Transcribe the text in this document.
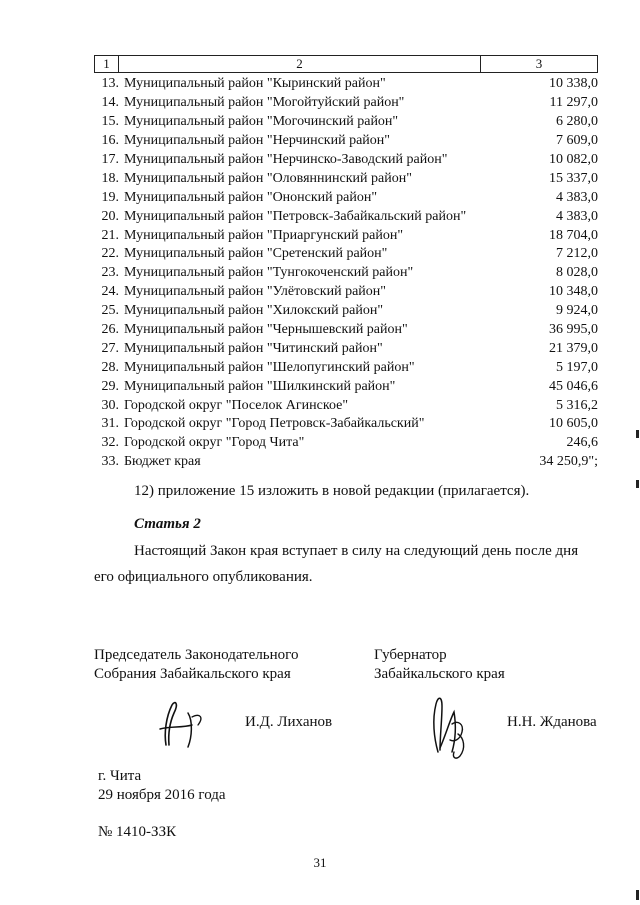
1	2	3
13. Муниципальный район "Кыринский район"	10 338,0
14. Муниципальный район "Могойтуйский район"	11 297,0
15. Муниципальный район "Могочинский район"	6 280,0
16. Муниципальный район "Нерчинский район"	7 609,0
17. Муниципальный район "Нерчинско-Заводский район"	10 082,0
18. Муниципальный район "Оловяннинский район"	15 337,0
19. Муниципальный район "Ононский район"	4 383,0
20. Муниципальный район "Петровск-Забайкальский район"	4 383,0
21. Муниципальный район "Приаргунский район"	18 704,0
22. Муниципальный район "Сретенский район"	7 212,0
23. Муниципальный район "Тунгокоченский район"	8 028,0
24. Муниципальный район "Улётовский район"	10 348,0
25. Муниципальный район "Хилокский район"	9 924,0
26. Муниципальный район "Чернышевский район"	36 995,0
27. Муниципальный район "Читинский район"	21 379,0
28. Муниципальный район "Шелопугинский район"	5 197,0
29. Муниципальный район "Шилкинский район"	45 046,6
30. Городской округ "Поселок Агинское"	5 316,2
31. Городской округ "Город Петровск-Забайкальский"	10 605,0
32. Городской округ "Город Чита"	246,6
33. Бюджет края	34 250,9";
12) приложение 15 изложить в новой редакции (прилагается).
Статья 2
Настоящий Закон края вступает в силу на следующий день после дня
его официального опубликования.
Председатель Законодательного
Собрания Забайкальского края
Губернатор
Забайкальского края
И.Д. Лиханов	Н.Н. Жданова
г. Чита
29 ноября 2016 года
№ 1410-ЗЗК
31
